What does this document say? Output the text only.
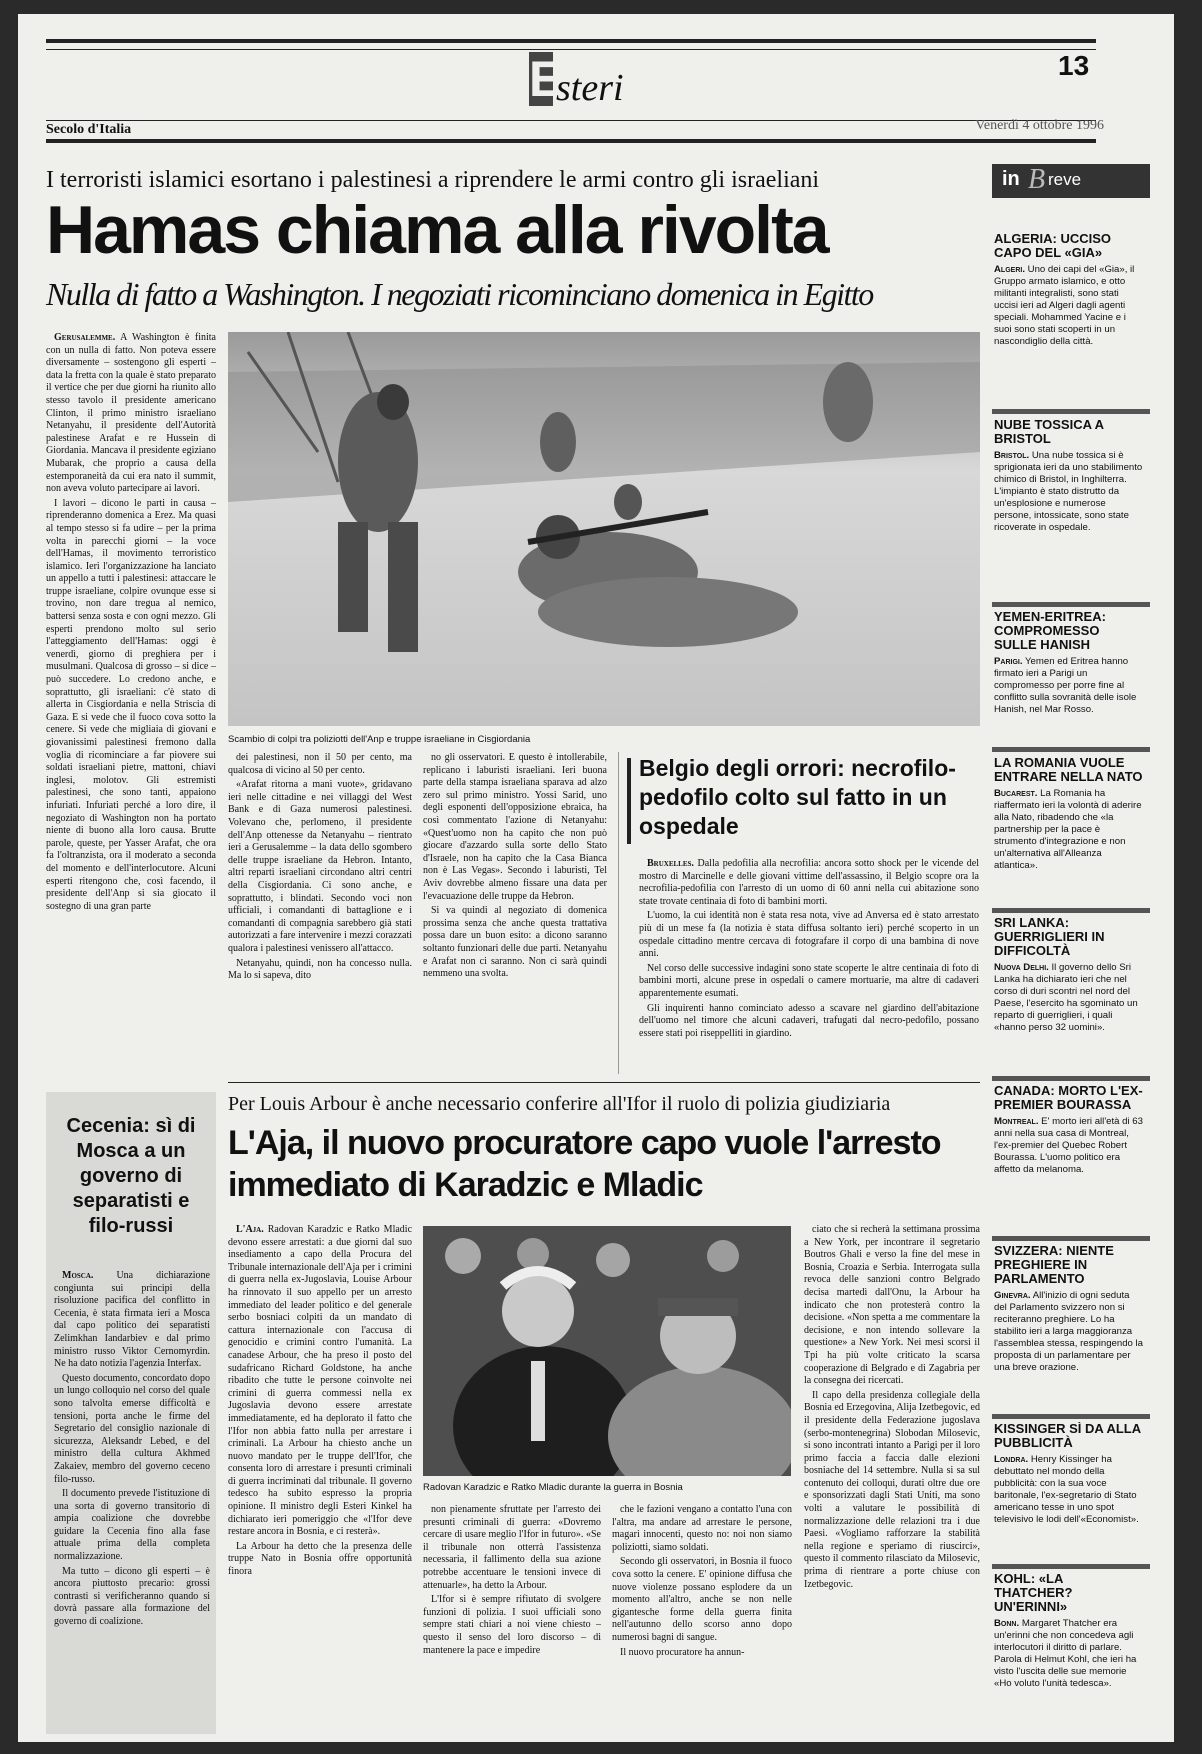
E
steri
13
Secolo d'Italia	Venerdì 4 ottobre 1996
I terroristi islamici esortano i palestinesi a riprendere le armi contro gli israeliani
Hamas chiama alla rivolta
Nulla di fatto a Washington. I negoziati ricominciano domenica in Egitto

Gerusalemme. A Washington è finita con un nulla di fatto. Non poteva essere diversamente – sostengono gli esperti – data la fretta con la quale è stato preparato il vertice che per due giorni ha riunito allo stesso tavolo il presidente americano Clinton, il primo ministro israeliano Netanyahu, il presidente dell'Autorità palestinese Arafat e re Hussein di Giordania. Mancava il presidente egiziano Mubarak, che proprio a causa della estemporaneità da cui era nato il summit, non aveva voluto partecipare ai lavori.

I lavori – dicono le parti in causa – riprenderanno domenica a Erez. Ma quasi al tempo stesso si fa udire – per la prima volta in parecchi giorni – la voce dell'Hamas, il movimento terroristico islamico. Ieri l'organizzazione ha lanciato un appello a tutti i palestinesi: attaccare le truppe israeliane, colpire ovunque esse si trovino, non dare tregua al nemico, battersi senza sosta e con ogni mezzo. Gli esperti prendono molto sul serio l'atteggiamento dell'Hamas: oggi è venerdì, giorno di preghiera per i musulmani. Qualcosa di grosso – si dice – può succedere. Lo credono anche, e soprattutto, gli israeliani: c'è stato di allerta in Cisgiordania e nella Striscia di Gaza. E si vede che il fuoco cova sotto la cenere. Si vede che migliaia di giovani e giovanissimi palestinesi fremono dalla voglia di ricominciare a far piovere sui soldati israeliani pietre, mattoni, chiavi inglesi, molotov. Gli estremisti palestinesi, che sono tanti, appaiono infuriati. Infuriati perché a loro dire, il negoziato di Washington non ha portato niente di buono alla loro causa. Brutte parole, queste, per Yasser Arafat, che ora fa l'oltranzista, ora il moderato a seconda del momento e dell'interlocutore. Alcuni esperti ritengono che, così facendo, il presidente dell'Anp si sia giocato il sostegno di una gran parte

Scambio di colpi tra poliziotti dell'Anp e truppe israeliane in Cisgiordania

dei palestinesi, non il 50 per cento, ma qualcosa di vicino al 50 per cento.

«Arafat ritorna a mani vuote», gridavano ieri nelle cittadine e nei villaggi del West Bank e di Gaza numerosi palestinesi. Volevano che, perlomeno, il presidente dell'Anp ottenesse da Netanyahu – rientrato ieri a Gerusalemme – la data dello sgombero delle truppe israeliane da Hebron. Intanto, altri reparti israeliani circondano altri centri della Cisgiordania. Ci sono anche, e soprattutto, i blindati. Secondo voci non ufficiali, i comandanti di battaglione e i comandanti di compagnia sarebbero già stati autorizzati a fare intervenire i mezzi corazzati qualora i palestinesi venissero all'attacco.

Netanyahu, quindi, non ha concesso nulla. Ma lo si sapeva, dito

no gli osservatori. E questo è intollerabile, replicano i laburisti israeliani. Ieri buona parte della stampa israeliana sparava ad alzo zero sul primo ministro. Yossi Sarid, uno degli esponenti dell'opposizione ebraica, ha così commentato l'azione di Netanyahu: «Quest'uomo non ha capito che non può giocare d'azzardo sulla sorte dello Stato d'Israele, non ha capito che la Casa Bianca non è Las Vegas». Secondo i laburisti, Tel Aviv dovrebbe almeno fissare una data per l'evacuazione delle truppe da Hebron.

Si va quindi al negoziato di domenica prossima senza che anche questa trattativa possa dare un buon esito: a dicono saranno soltanto funzionari delle due parti. Netanyahu e Arafat non ci saranno. Non ci sarà quindi nemmeno una svolta.

Belgio degli orrori: necrofilo-pedofilo colto sul fatto in un ospedale

Bruxelles. Dalla pedofilia alla necrofilia: ancora sotto shock per le vicende del mostro di Marcinelle e delle giovani vittime dell'assassino, il Belgio scopre ora la necrofilia-pedofilia con l'arresto di un uomo di 60 anni nella cui abitazione sono state trovate centinaia di foto di bambini morti.

L'uomo, la cui identità non è stata resa nota, vive ad Anversa ed è stato arrestato più di un mese fa (la notizia è stata diffusa soltanto ieri) perché scoperto in un ospedale cittadino mentre cercava di fotografare il corpo di una bambina di nove anni.

Nel corso delle successive indagini sono state scoperte le altre centinaia di foto di bambini morti, alcune prese in ospedali o camere mortuarie, ma altre di cadaveri apparentemente esumati.

Gli inquirenti hanno cominciato adesso a scavare nel giardino dell'abitazione dell'uomo nel timore che alcuni cadaveri, trafugati dal necro-pedofilo, possano essere stati poi riseppelliti in giardino.

Cecenia: sì di Mosca a un governo di separatisti e filo-russi

Mosca. Una dichiarazione congiunta sui principi della risoluzione pacifica del conflitto in Cecenia, è stata firmata ieri a Mosca dal capo politico dei separatisti Zelimkhan Iandarbiev e dal primo ministro russo Viktor Cernomyrdin. Ne ha dato notizia l'agenzia Interfax.

Questo documento, concordato dopo un lungo colloquio nel corso del quale sono talvolta emerse difficoltà e tensioni, porta anche le firme del Segretario del consiglio nazionale di sicurezza, Aleksandr Lebed, e del ministro della cultura Akhmed Zakaiev, membro del governo ceceno filo-russo.

Il documento prevede l'istituzione di una sorta di governo transitorio di ampia coalizione che dovrebbe guidare la Cecenia fino alla fase attuale prima della completa normalizzazione.

Ma tutto – dicono gli esperti – è ancora piuttosto precario: grossi contrasti si verificheranno quando si dovrà passare alla formazione del governo di coalizione.

Per Louis Arbour è anche necessario conferire all'Ifor il ruolo di polizia giudiziaria
L'Aja, il nuovo procuratore capo vuole l'arresto immediato di Karadzic e Mladic

L'Aja. Radovan Karadzic e Ratko Mladic devono essere arrestati: a due giorni dal suo insediamento a capo della Procura del Tribunale internazionale dell'Aja per i crimini di guerra nella ex-Jugoslavia, Louise Arbour ha rinnovato il suo appello per un arresto immediato del leader politico e del generale serbo bosniaci colpiti da un mandato di cattura internazionale con l'accusa di genocidio e crimini contro l'umanità. La canadese Arbour, che ha preso il posto del sudafricano Richard Goldstone, ha anche ribadito che tutte le persone coinvolte nei crimini di guerra commessi nella ex Jugoslavia devono essere arrestate immediatamente, ed ha deplorato il fatto che l'Ifor non abbia fatto nulla per arrestare i criminali. La Arbour ha chiesto anche un nuovo mandato per le truppe dell'Ifor, che consenta loro di arrestare i presunti criminali di guerra incriminati dal tribunale. Il governo tedesco ha subito espresso la propria opinione. Il ministro degli Esteri Kinkel ha dichiarato ieri pomeriggio che «l'Ifor deve restare ancora in Bosnia, e ci resterà».

La Arbour ha detto che la presenza delle truppe Nato in Bosnia offre opportunità finora

Radovan Karadzic e Ratko Mladic durante la guerra in Bosnia

non pienamente sfruttate per l'arresto dei presunti criminali di guerra: «Dovremo cercare di usare meglio l'Ifor in futuro». «Se il tribunale non otterrà l'assistenza necessaria, il fallimento della sua azione potrebbe accentuare le tensioni invece di attenuarle», ha detto la Arbour.

L'Ifor si è sempre rifiutato di svolgere funzioni di polizia. I suoi ufficiali sono sempre stati chiari a noi viene chiesto – questo il senso del loro discorso – di mantenere la pace e impedire

che le fazioni vengano a contatto l'una con l'altra, ma andare ad arrestare le persone, magari innocenti, questo no: noi non siamo poliziotti, siamo soldati.

Secondo gli osservatori, in Bosnia il fuoco cova sotto la cenere. E' opinione diffusa che nuove violenze possano esplodere da un momento all'altro, anche se non nelle gigantesche forme della guerra finita nell'autunno dello scorso anno dopo numerosi bagni di sangue.

Il nuovo procuratore ha annun-

ciato che si recherà la settimana prossima a New York, per incontrare il segretario Boutros Ghali e verso la fine del mese in Bosnia, Croazia e Serbia. Interrogata sulla revoca delle sanzioni contro Belgrado decisa martedì dall'Onu, la Arbour ha indicato che non protesterà contro la decisione. «Non spetta a me commentare la decisione, e non intendo sollevare la questione» a New York. Nei mesi scorsi il Tpi ha più volte criticato la scarsa cooperazione di Belgrado e di Zagabria per la consegna dei ricercati.

Il capo della presidenza collegiale della Bosnia ed Erzegovina, Alija Izetbegovic, ed il presidente della Federazione jugoslava (serbo-montenegrina) Slobodan Milosevic, si sono incontrati intanto a Parigi per il loro primo faccia a faccia dalle elezioni bosniache del 14 settembre. Nulla si sa sul contenuto dei colloqui, durati oltre due ore e sponsorizzati dagli Stati Uniti, ma sono volti a valutare le possibilità di normalizzazione delle relazioni tra i due Paesi. «Vogliamo rafforzare la stabilità nella regione e speriamo di riuscirci», questo il commento rilasciato da Milosevic, prima di rientrare a porte chiuse con Izetbegovic.

in B reve
ALGERIA: UCCISO CAPO DEL «GIA»
Algeri. Uno dei capi del «Gia», il Gruppo armato islamico, e otto militanti integralisti, sono stati uccisi ieri ad Algeri dagli agenti speciali. Mohammed Yacine e i suoi sono stati scoperti in un nascondiglio della città.
NUBE TOSSICA A BRISTOL
Bristol. Una nube tossica si è sprigionata ieri da uno stabilimento chimico di Bristol, in Inghilterra. L'impianto è stato distrutto da un'esplosione e numerose persone, intossicate, sono state ricoverate in ospedale.
YEMEN-ERITREA: COMPROMESSO SULLE HANISH
Parigi. Yemen ed Eritrea hanno firmato ieri a Parigi un compromesso per porre fine al conflitto sulla sovranità delle isole Hanish, nel Mar Rosso.
LA ROMANIA VUOLE ENTRARE NELLA NATO
Bucarest. La Romania ha riaffermato ieri la volontà di aderire alla Nato, ribadendo che «la partnership per la pace è strumento d'integrazione e non un'alternativa all'Alleanza atlantica».
SRI LANKA: GUERRIGLIERI IN DIFFICOLTÀ
Nuova Delhi. Il governo dello Sri Lanka ha dichiarato ieri che nel corso di duri scontri nel nord del Paese, l'esercito ha sgominato un reparto di guerriglieri, i quali «hanno perso 32 uomini».
CANADA: MORTO L'EX-PREMIER BOURASSA
Montreal. E' morto ieri all'età di 63 anni nella sua casa di Montreal, l'ex-premier del Quebec Robert Bourassa. L'uomo politico era affetto da melanoma.
SVIZZERA: NIENTE PREGHIERE IN PARLAMENTO
Ginevra. All'inizio di ogni seduta del Parlamento svizzero non si reciteranno preghiere. Lo ha stabilito ieri a larga maggioranza l'assemblea stessa, respingendo la proposta di un parlamentare per una breve orazione.
KISSINGER SÌ DA ALLA PUBBLICITÀ
Londra. Henry Kissinger ha debuttato nel mondo della pubblicità: con la sua voce baritonale, l'ex-segretario di Stato americano tesse in uno spot televisivo le lodi dell'«Economist».
KOHL: «LA THATCHER? UN'ERINNI»
Bonn. Margaret Thatcher era un'erinni che non concedeva agli interlocutori il diritto di parlare. Parola di Helmut Kohl, che ieri ha visto l'uscita delle sue memorie «Ho voluto l'unità tedesca».
